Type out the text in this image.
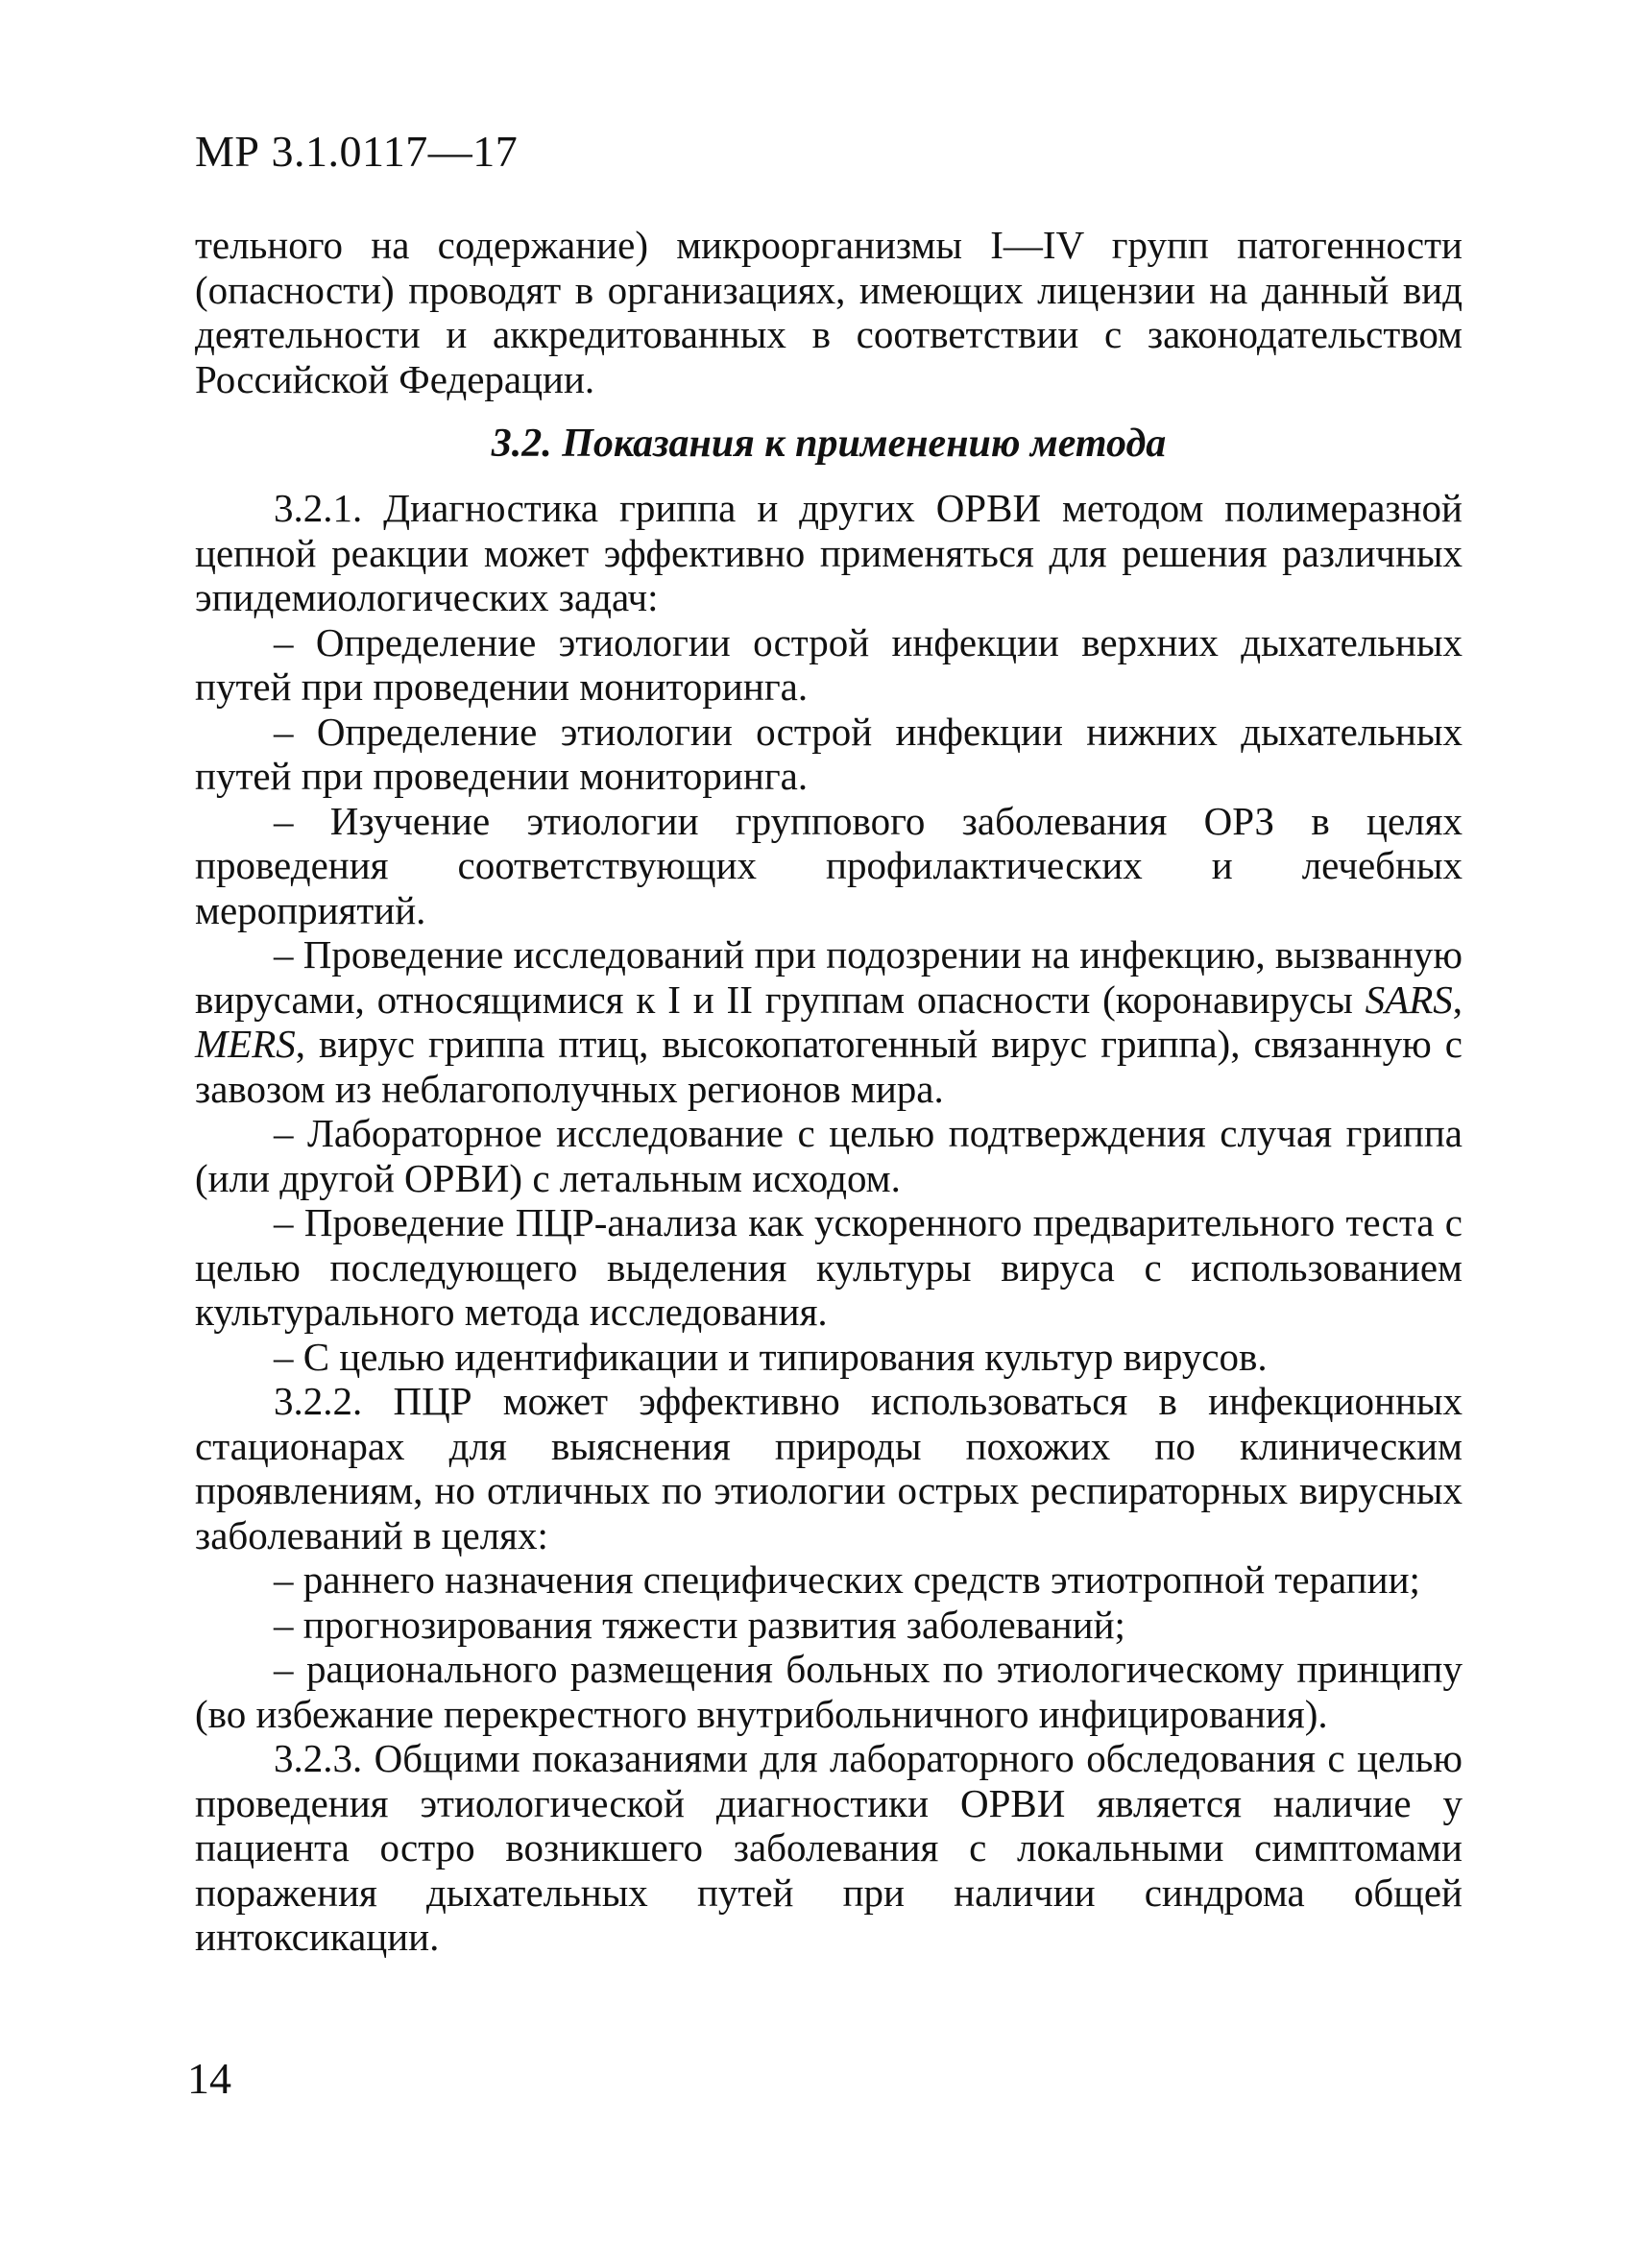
МР 3.1.0117—17

тельного на содержание) микроорганизмы I—IV групп патогенности (опасности) проводят в организациях, имеющих лицензии на данный вид деятельности и аккредитованных в соответствии с законодательством Российской Федерации.

3.2. Показания к применению метода

3.2.1. Диагностика гриппа и других ОРВИ методом полимеразной цепной реакции может эффективно применяться для решения различных эпидемиологических задач:

– Определение этиологии острой инфекции верхних дыхательных путей при проведении мониторинга.

– Определение этиологии острой инфекции нижних дыхательных путей при проведении мониторинга.

– Изучение этиологии группового заболевания ОРЗ в целях проведения соответствующих профилактических и лечебных мероприятий.

– Проведение исследований при подозрении на инфекцию, вызванную вирусами, относящимися к I и II группам опасности (коронавирусы SARS, MERS, вирус гриппа птиц, высокопатогенный вирус гриппа), связанную с завозом из неблагополучных регионов мира.

– Лабораторное исследование с целью подтверждения случая гриппа (или другой ОРВИ) с летальным исходом.

– Проведение ПЦР-анализа как ускоренного предварительного теста с целью последующего выделения культуры вируса с использованием культурального метода исследования.

– С целью идентификации и типирования культур вирусов.

3.2.2. ПЦР может эффективно использоваться в инфекционных стационарах для выяснения природы похожих по клиническим проявлениям, но отличных по этиологии острых респираторных вирусных заболеваний в целях:

– раннего назначения специфических средств этиотропной терапии;

– прогнозирования тяжести развития заболеваний;

– рационального размещения больных по этиологическому принципу (во избежание перекрестного внутрибольничного инфицирования).

3.2.3. Общими показаниями для лабораторного обследования с целью проведения этиологической диагностики ОРВИ является наличие у пациента остро возникшего заболевания с локальными симптомами поражения дыхательных путей при наличии синдрома общей интоксикации.

14
